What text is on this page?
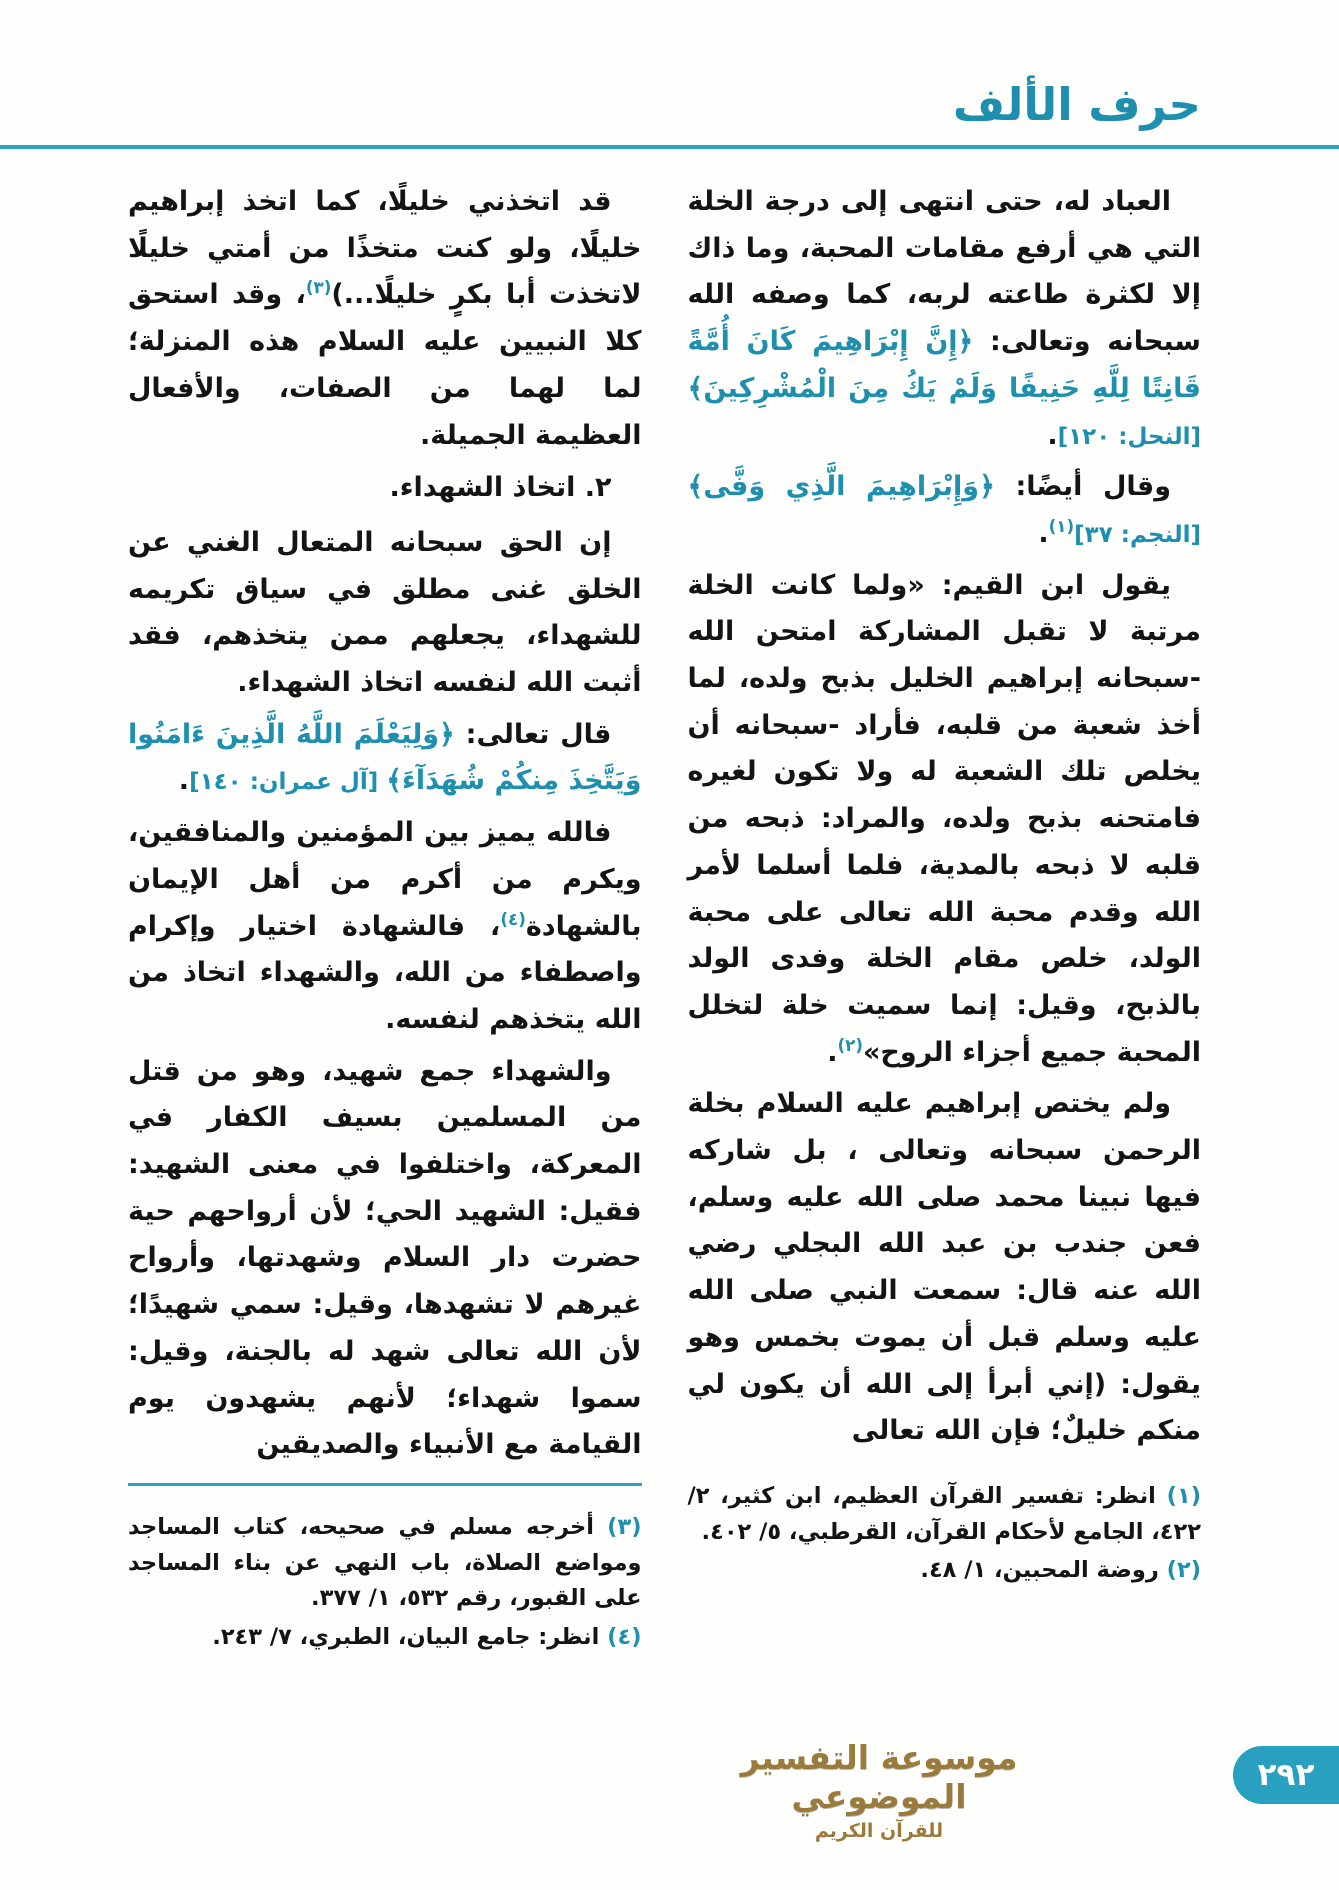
حرف الألف

العباد له، حتى انتهى إلى درجة الخلة التي هي أرفع مقامات المحبة، وما ذاك إلا لكثرة طاعته لربه، كما وصفه الله سبحانه وتعالى: ﴿إِنَّ إِبْرَاهِيمَ كَانَ أُمَّةً قَانِتًا لِلَّهِ حَنِيفًا وَلَمْ يَكُ مِنَ الْمُشْرِكِينَ﴾ [النحل: ١٢٠].

وقال أيضًا: ﴿وَإِبْرَاهِيمَ الَّذِي وَفَّى﴾ [النجم: ٣٧]$^{(١)}$.

يقول ابن القيم: «ولما كانت الخلة مرتبة لا تقبل المشاركة امتحن الله -سبحانه إبراهيم الخليل بذبح ولده، لما أخذ شعبة من قلبه، فأراد -سبحانه أن يخلص تلك الشعبة له ولا تكون لغيره فامتحنه بذبح ولده، والمراد: ذبحه من قلبه لا ذبحه بالمدية، فلما أسلما لأمر الله وقدم محبة الله تعالى على محبة الولد، خلص مقام الخلة وفدى الولد بالذبح، وقيل: إنما سميت خلة لتخلل المحبة جميع أجزاء الروح»$^{(٢)}$.

ولم يختص إبراهيم عليه السلام بخلة الرحمن سبحانه وتعالى ، بل شاركه فيها نبينا محمد صلى الله عليه وسلم، فعن جندب بن عبد الله البجلي رضي الله عنه قال: سمعت النبي صلى الله عليه وسلم قبل أن يموت بخمس وهو يقول: (إني أبرأ إلى الله أن يكون لي منكم خليلٌ؛ فإن الله تعالى

(١) انظر: تفسير القرآن العظيم، ابن كثير، ٢/ ٤٢٢، الجامع لأحكام القرآن، القرطبي، ٥/ ٤٠٢.

(٢) روضة المحبين، ١/ ٤٨.

قد اتخذني خليلًا، كما اتخذ إبراهيم خليلًا، ولو كنت متخذًا من أمتي خليلًا لاتخذت أبا بكرٍ خليلًا...)$^{(٣)}$، وقد استحق كلا النبيين عليه السلام هذه المنزلة؛ لما لهما من الصفات، والأفعال العظيمة الجميلة.

٢. اتخاذ الشهداء.

إن الحق سبحانه المتعال الغني عن الخلق غنى مطلق في سياق تكريمه للشهداء، يجعلهم ممن يتخذهم، فقد أثبت الله لنفسه اتخاذ الشهداء.

قال تعالى: ﴿وَلِيَعْلَمَ اللَّهُ الَّذِينَ ءَامَنُوا وَيَتَّخِذَ مِنكُمْ شُهَدَآءَ﴾ [آل عمران: ١٤٠].

فالله يميز بين المؤمنين والمنافقين، ويكرم من أكرم من أهل الإيمان بالشهادة$^{(٤)}$، فالشهادة اختيار وإكرام واصطفاء من الله، والشهداء اتخاذ من الله يتخذهم لنفسه.

والشهداء جمع شهيد، وهو من قتل من المسلمين بسيف الكفار في المعركة، واختلفوا في معنى الشهيد: فقيل: الشهيد الحي؛ لأن أرواحهم حية حضرت دار السلام وشهدتها، وأرواح غيرهم لا تشهدها، وقيل: سمي شهيدًا؛ لأن الله تعالى شهد له بالجنة، وقيل: سموا شهداء؛ لأنهم يشهدون يوم القيامة مع الأنبياء والصديقين

(٣) أخرجه مسلم في صحيحه، كتاب المساجد ومواضع الصلاة، باب النهي عن بناء المساجد على القبور، رقم ٥٣٢، ١/ ٣٧٧.

(٤) انظر: جامع البيان، الطبري، ٧/ ٢٤٣.

موسوعة التفسير الموضوعي
للقرآن الكريم
٢٩٢
